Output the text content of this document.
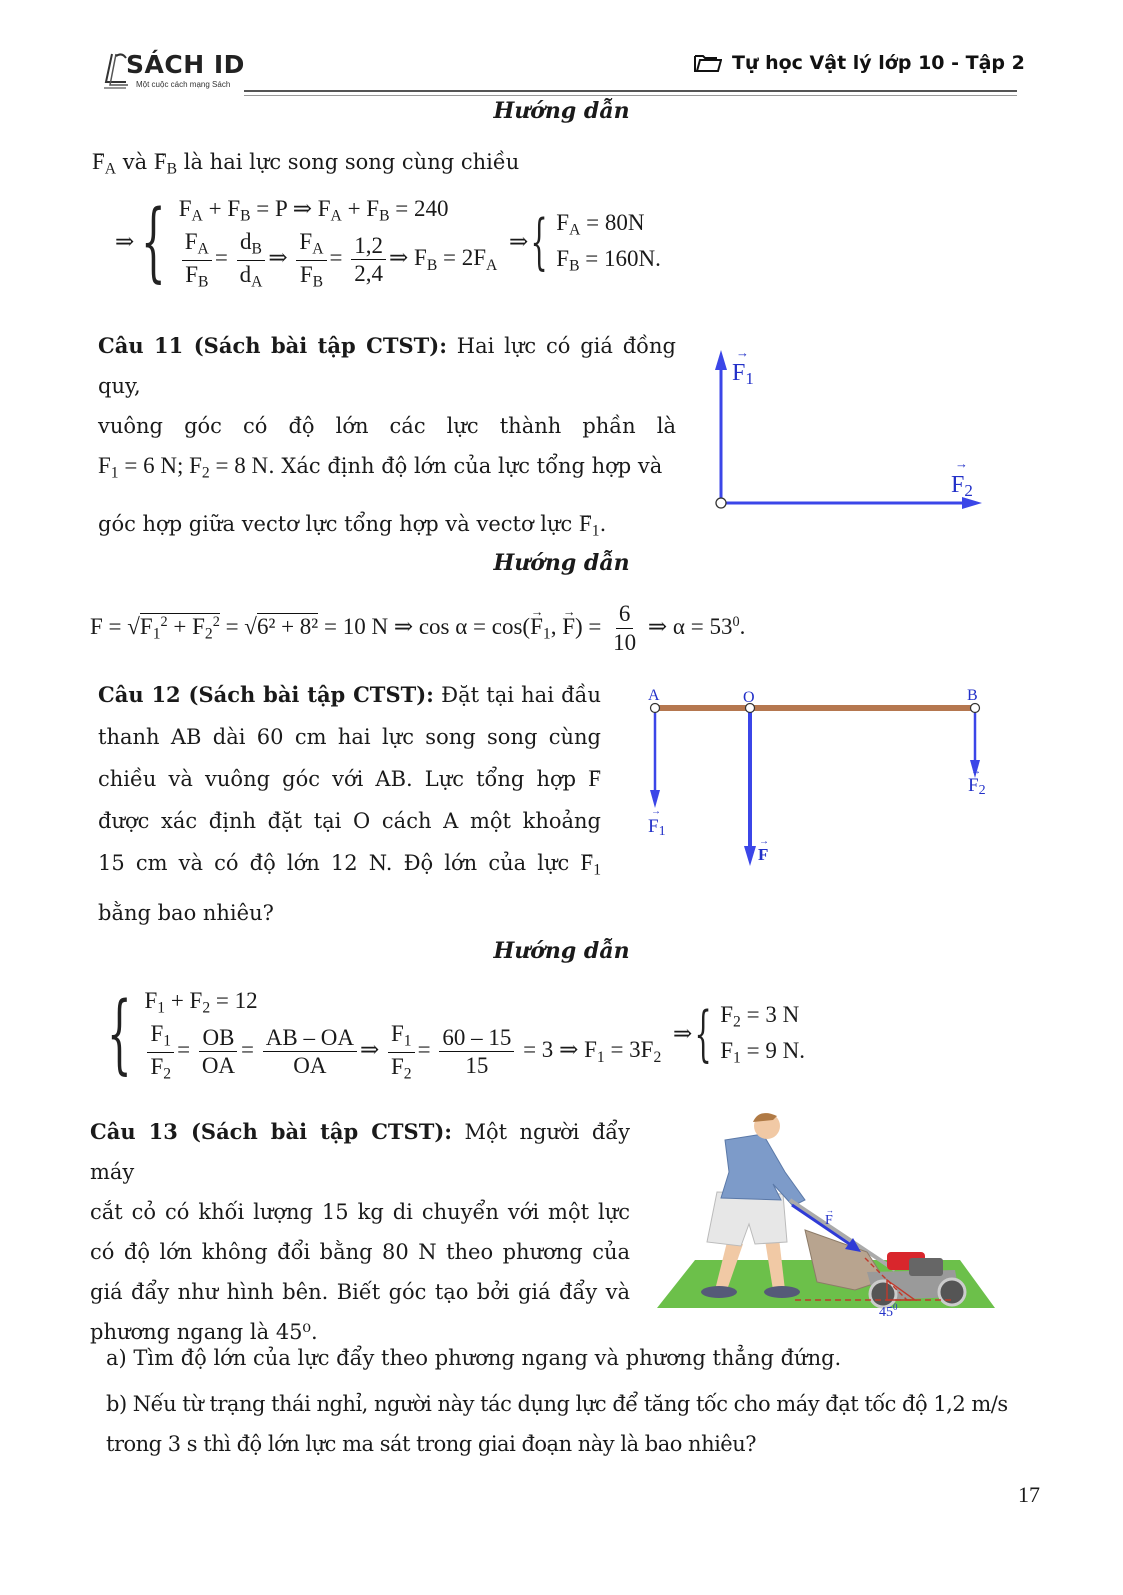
SÁCH ID
Một cuộc cách mạng Sách
Tự học Vật lý lớp 10 - Tập 2
Hướng dẫn
→ $F_A$ và → $F_B$ là hai lực song song cùng chiều
⇒{ $F_A + F_B = P$ ⇒ $F_A + F_B = 240$
$\frac{F_A}{F_B} = \frac{d_B}{d_A}$ ⇒ $\frac{F_A}{F_B} = \frac{1,2}{2,4}$ ⇒ $F_B = 2F_A$
⇒{ $F_A = 80N$
$F_B = 160N$.
Câu 11 (Sách bài tập CTST): Hai lực có giá đồng quy,
vuông góc có độ lớn các lực thành phần là
$F_1 = 6$ N; $F_2 = 8$ N. Xác định độ lớn của lực tổng hợp và
góc hợp giữa vectơ lực tổng hợp và vectơ lực → $F_1$.
F1
→
F2
→
Hướng dẫn
$F = √F_1^2 + F_2^2 = √6^2 + 8^2 = 10$ N ⇒ $\cos \alpha = \cos(\to F_1$, → $F) = \frac{6}{10}$ ⇒ $\alpha = 53^0$.
Câu 12 (Sách bài tập CTST): Đặt tại hai đầu
thanh AB dài 60 cm hai lực song song cùng
chiều và vuông góc với AB. Lực tổng hợp → F
được xác định đặt tại O cách A một khoảng
15 cm và có độ lớn 12 N. Độ lớn của lực → $F_1$
bằng bao nhiêu?
A	O	B
F1
→
F2
→
F
→
Hướng dẫn
{ $F_1 + F_2 = 12$
$\frac{F_1}{F_2} = \frac{OB}{OA} = \frac{AB - OA}{OA}$ ⇒ $\frac{F_1}{F_2} = \frac{60 - 15}{15} = 3$ ⇒ $F_1 = 3F_2$
⇒{ $F_2 = 3$ N
$F_1 = 9$ N.
Câu 13 (Sách bài tập CTST): Một người đẩy máy
cắt cỏ có khối lượng 15 kg di chuyển với một lực
có độ lớn không đổi bằng 80 N theo phương của
giá đẩy như hình bên. Biết góc tạo bởi giá đẩy và
phương ngang là 45⁰.
F
→
$45^0$
a) Tìm độ lớn của lực đẩy theo phương ngang và phương thẳng đứng.
b) Nếu từ trạng thái nghỉ, người này tác dụng lực để tăng tốc cho máy đạt tốc độ 1,2 m/s
trong 3 s thì độ lớn lực ma sát trong giai đoạn này là bao nhiêu?
17
